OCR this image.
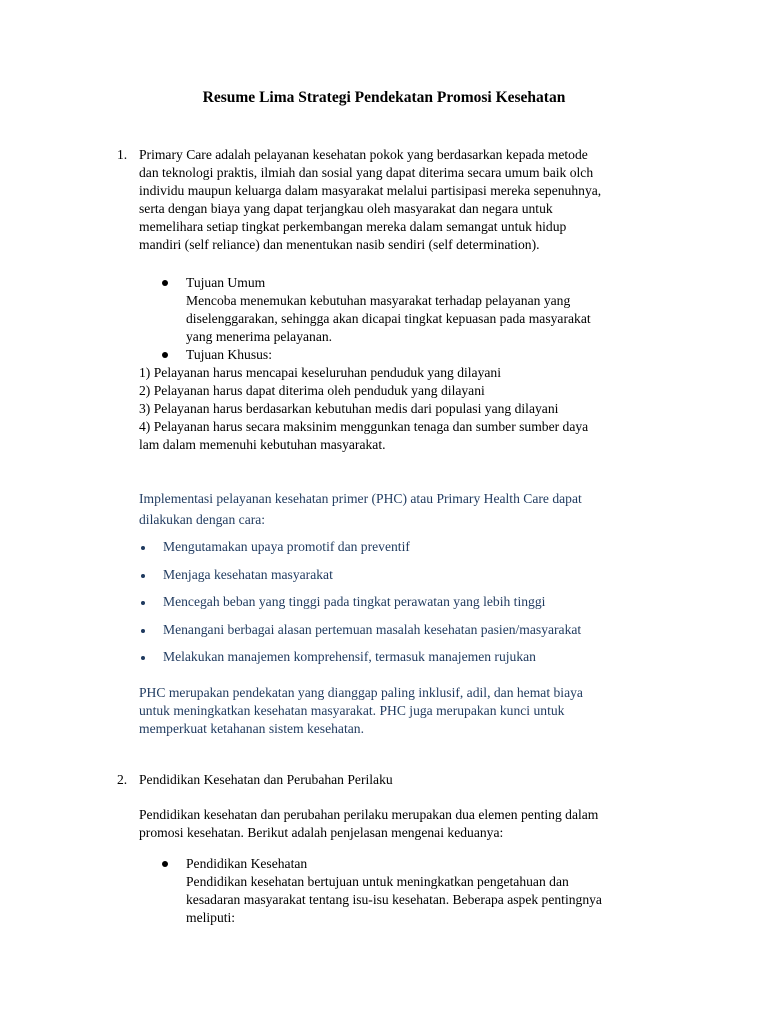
Resume Lima Strategi Pendekatan Promosi Kesehatan
1. Primary Care adalah pelayanan kesehatan pokok yang berdasarkan kepada metode
dan teknologi praktis, ilmiah dan sosial yang dapat diterima secara umum baik olch
individu maupun keluarga dalam masyarakat melalui partisipasi mereka sepenuhnya,
serta dengan biaya yang dapat terjangkau oleh masyarakat dan negara untuk
memelihara setiap tingkat perkembangan mereka dalam semangat untuk hidup
mandiri (self reliance) dan menentukan nasib sendiri (self determination).
Tujuan Umum
Mencoba menemukan kebutuhan masyarakat terhadap pelayanan yang
diselenggarakan, sehingga akan dicapai tingkat kepuasan pada masyarakat
yang menerima pelayanan.
Tujuan Khusus:
1) Pelayanan harus mencapai keseluruhan penduduk yang dilayani
2) Pelayanan harus dapat diterima oleh penduduk yang dilayani
3) Pelayanan harus berdasarkan kebutuhan medis dari populasi yang dilayani
4) Pelayanan harus secara maksinim menggunkan tenaga dan sumber sumber daya
lam dalam memenuhi kebutuhan masyarakat.
Implementasi pelayanan kesehatan primer (PHC) atau Primary Health Care dapat
dilakukan dengan cara:
Mengutamakan upaya promotif dan preventif
Menjaga kesehatan masyarakat
Mencegah beban yang tinggi pada tingkat perawatan yang lebih tinggi
Menangani berbagai alasan pertemuan masalah kesehatan pasien/masyarakat
Melakukan manajemen komprehensif, termasuk manajemen rujukan
PHC merupakan pendekatan yang dianggap paling inklusif, adil, dan hemat biaya
untuk meningkatkan kesehatan masyarakat. PHC juga merupakan kunci untuk
memperkuat ketahanan sistem kesehatan.
2. Pendidikan Kesehatan dan Perubahan Perilaku
Pendidikan kesehatan dan perubahan perilaku merupakan dua elemen penting dalam
promosi kesehatan. Berikut adalah penjelasan mengenai keduanya:
Pendidikan Kesehatan
Pendidikan kesehatan bertujuan untuk meningkatkan pengetahuan dan
kesadaran masyarakat tentang isu-isu kesehatan. Beberapa aspek pentingnya
meliputi:
